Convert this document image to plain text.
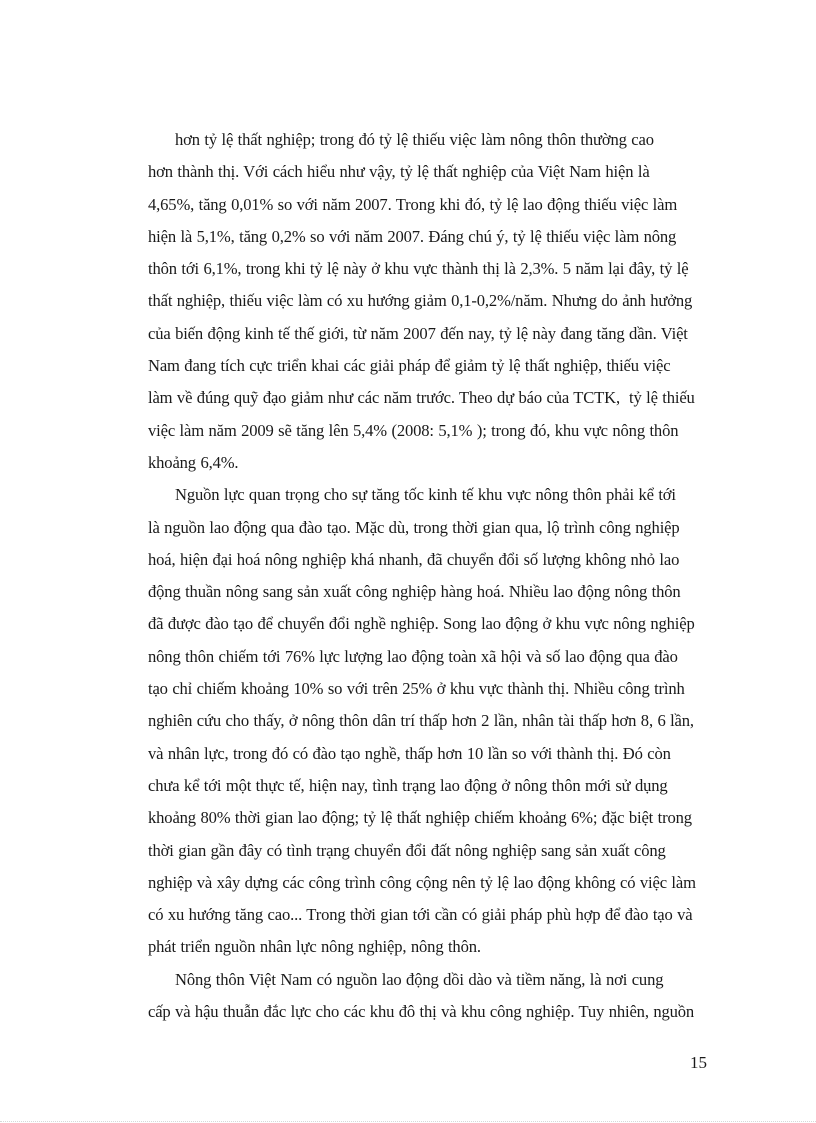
hơn tỷ lệ thất nghiệp; trong đó tỷ lệ thiếu việc làm nông thôn thường cao
hơn thành thị. Với cách hiểu như vậy, tỷ lệ thất nghiệp của Việt Nam hiện là
4,65%, tăng 0,01% so với năm 2007. Trong khi đó, tỷ lệ lao động thiếu việc làm
hiện là 5,1%, tăng 0,2% so với năm 2007. Đáng chú ý, tỷ lệ thiếu việc làm nông
thôn tới 6,1%, trong khi tỷ lệ này ở khu vực thành thị là 2,3%. 5 năm lại đây, tỷ lệ
thất nghiệp, thiếu việc làm có xu hướng giảm 0,1-0,2%/năm. Nhưng do ảnh hưởng
của biến động kinh tế thế giới, từ năm 2007 đến nay, tỷ lệ này đang tăng dần. Việt
Nam đang tích cực triển khai các giải pháp để giảm tỷ lệ thất nghiệp, thiếu việc
làm về đúng quỹ đạo giảm như các năm trước. Theo dự báo của TCTK,  tỷ lệ thiếu
việc làm năm 2009 sẽ tăng lên 5,4% (2008: 5,1% ); trong đó, khu vực nông thôn
khoảng 6,4%.
Nguồn lực quan trọng cho sự tăng tốc kinh tế khu vực nông thôn phải kể tới
là nguồn lao động qua đào tạo. Mặc dù, trong thời gian qua, lộ trình công nghiệp
hoá, hiện đại hoá nông nghiệp khá nhanh, đã chuyển đổi số lượng không nhỏ lao
động thuần nông sang sản xuất công nghiệp hàng hoá. Nhiều lao động nông thôn
đã được đào tạo để chuyển đổi nghề nghiệp. Song lao động ở khu vực nông nghiệp
nông thôn chiếm tới 76% lực lượng lao động toàn xã hội và số lao động qua đào
tạo chỉ chiếm khoảng 10% so với trên 25% ở khu vực thành thị. Nhiều công trình
nghiên cứu cho thấy, ở nông thôn dân trí thấp hơn 2 lần, nhân tài thấp hơn 8, 6 lần,
và nhân lực, trong đó có đào tạo nghề, thấp hơn 10 lần so với thành thị. Đó còn
chưa kể tới một thực tế, hiện nay, tình trạng lao động ở nông thôn mới sử dụng
khoảng 80% thời gian lao động; tỷ lệ thất nghiệp chiếm khoảng 6%; đặc biệt trong
thời gian gần đây có tình trạng chuyển đổi đất nông nghiệp sang sản xuất công
nghiệp và xây dựng các công trình công cộng nên tỷ lệ lao động không có việc làm
có xu hướng tăng cao... Trong thời gian tới cần có giải pháp phù hợp để đào tạo và
phát triển nguồn nhân lực nông nghiệp, nông thôn.
Nông thôn Việt Nam có nguồn lao động dồi dào và tiềm năng, là nơi cung
cấp và hậu thuẫn đắc lực cho các khu đô thị và khu công nghiệp. Tuy nhiên, nguồn
15
